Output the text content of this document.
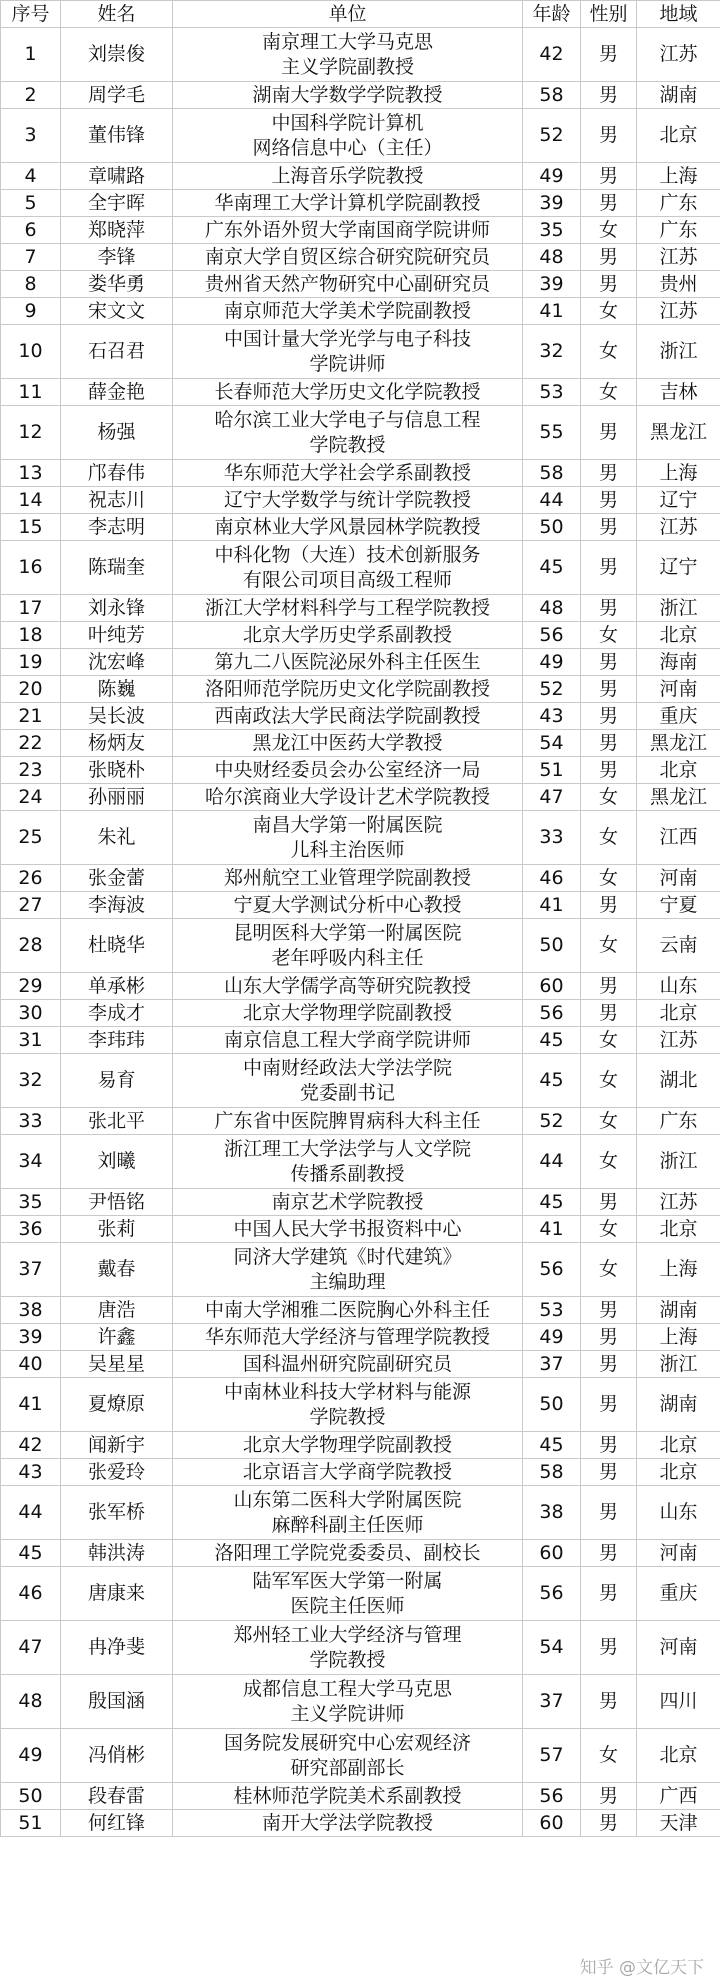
序号	姓名	单位	年龄	性别	地域
1	刘崇俊	南京理工大学马克思
主义学院副教授	42	男	江苏
2	周学毛	湖南大学数学学院教授	58	男	湖南
3	董伟锋	中国科学院计算机
网络信息中心（主任）	52	男	北京
4	章啸路	上海音乐学院教授	49	男	上海
5	全宇晖	华南理工大学计算机学院副教授	39	男	广东
6	郑晓萍	广东外语外贸大学南国商学院讲师	35	女	广东
7	李锋	南京大学自贸区综合研究院研究员	48	男	江苏
8	娄华勇	贵州省天然产物研究中心副研究员	39	男	贵州
9	宋文文	南京师范大学美术学院副教授	41	女	江苏
10	石召君	中国计量大学光学与电子科技
学院讲师	32	女	浙江
11	薛金艳	长春师范大学历史文化学院教授	53	女	吉林
12	杨强	哈尔滨工业大学电子与信息工程
学院教授	55	男	黑龙江
13	邝春伟	华东师范大学社会学系副教授	58	男	上海
14	祝志川	辽宁大学数学与统计学院教授	44	男	辽宁
15	李志明	南京林业大学风景园林学院教授	50	男	江苏
16	陈瑞奎	中科化物（大连）技术创新服务
有限公司项目高级工程师	45	男	辽宁
17	刘永锋	浙江大学材料科学与工程学院教授	48	男	浙江
18	叶纯芳	北京大学历史学系副教授	56	女	北京
19	沈宏峰	第九二八医院泌尿外科主任医生	49	男	海南
20	陈巍	洛阳师范学院历史文化学院副教授	52	男	河南
21	吴长波	西南政法大学民商法学院副教授	43	男	重庆
22	杨炳友	黑龙江中医药大学教授	54	男	黑龙江
23	张晓朴	中央财经委员会办公室经济一局	51	男	北京
24	孙丽丽	哈尔滨商业大学设计艺术学院教授	47	女	黑龙江
25	朱礼	南昌大学第一附属医院
儿科主治医师	33	女	江西
26	张金蕾	郑州航空工业管理学院副教授	46	女	河南
27	李海波	宁夏大学测试分析中心教授	41	男	宁夏
28	杜晓华	昆明医科大学第一附属医院
老年呼吸内科主任	50	女	云南
29	单承彬	山东大学儒学高等研究院教授	60	男	山东
30	李成才	北京大学物理学院副教授	56	男	北京
31	李玮玮	南京信息工程大学商学院讲师	45	女	江苏
32	易育	中南财经政法大学法学院
党委副书记	45	女	湖北
33	张北平	广东省中医院脾胃病科大科主任	52	女	广东
34	刘曦	浙江理工大学法学与人文学院
传播系副教授	44	女	浙江
35	尹悟铭	南京艺术学院教授	45	男	江苏
36	张莉	中国人民大学书报资料中心	41	女	北京
37	戴春	同济大学建筑《时代建筑》
主编助理	56	女	上海
38	唐浩	中南大学湘雅二医院胸心外科主任	53	男	湖南
39	许鑫	华东师范大学经济与管理学院教授	49	男	上海
40	吴星星	国科温州研究院副研究员	37	男	浙江
41	夏燎原	中南林业科技大学材料与能源
学院教授	50	男	湖南
42	闻新宇	北京大学物理学院副教授	45	男	北京
43	张爱玲	北京语言大学商学院教授	58	男	北京
44	张军桥	山东第二医科大学附属医院
麻醉科副主任医师	38	男	山东
45	韩洪涛	洛阳理工学院党委委员、副校长	60	男	河南
46	唐康来	陆军军医大学第一附属
医院主任医师	56	男	重庆
47	冉净斐	郑州轻工业大学经济与管理
学院教授	54	男	河南
48	殷国涵	成都信息工程大学马克思
主义学院讲师	37	男	四川
49	冯俏彬	国务院发展研究中心宏观经济
研究部副部长	57	女	北京
50	段春雷	桂林师范学院美术系副教授	56	男	广西
51	何红锋	南开大学法学院教授	60	男	天津
知乎 @文亿天下
